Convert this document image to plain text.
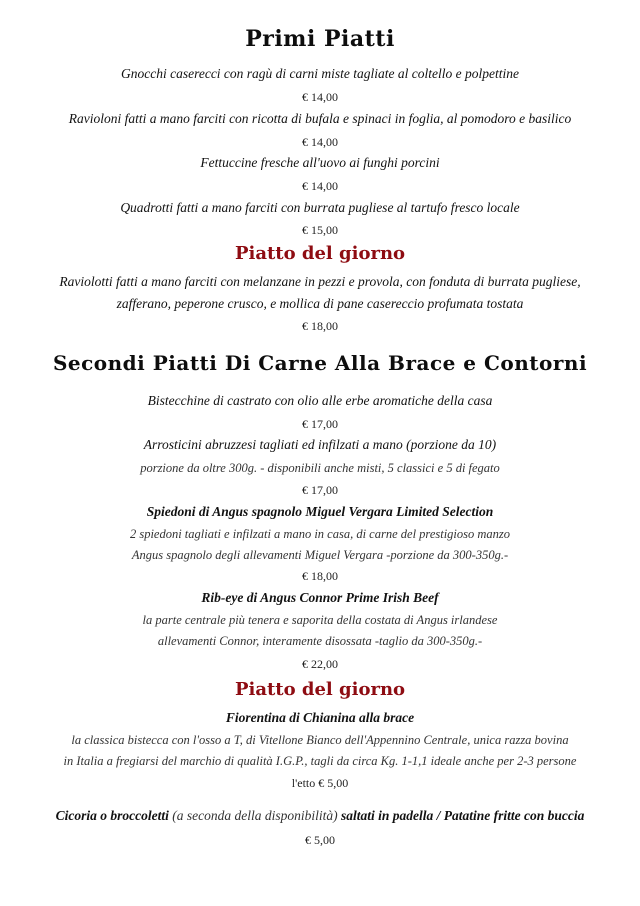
Primi Piatti
Gnocchi caserecci con ragù di carni miste tagliate al coltello e polpettine
€ 14,00
Ravioloni fatti a mano farciti con ricotta di bufala e spinaci in foglia, al pomodoro e basilico
€ 14,00
Fettuccine fresche all'uovo ai funghi porcini
€ 14,00
Quadrotti fatti a mano farciti con burrata pugliese al tartufo fresco locale
€ 15,00
Piatto del giorno
Raviolotti fatti a mano farciti con melanzane in pezzi e provola, con fonduta di burrata pugliese,
zafferano, peperone crusco, e mollica di pane casereccio profumata tostata
€ 18,00
Secondi Piatti Di Carne Alla Brace e Contorni
Bistecchine di castrato con olio alle erbe aromatiche della casa
€ 17,00
Arrosticini abruzzesi tagliati ed infilzati a mano (porzione da 10)
porzione da oltre 300g. - disponibili anche misti, 5 classici e 5 di fegato
€ 17,00
Spiedoni di Angus spagnolo Miguel Vergara Limited Selection
2 spiedoni tagliati e infilzati a mano in casa, di carne del prestigioso manzo
Angus spagnolo degli allevamenti Miguel Vergara -porzione da 300-350g.-
€ 18,00
Rib-eye di Angus Connor Prime Irish Beef
la parte centrale più tenera e saporita della costata di Angus irlandese
allevamenti Connor, interamente disossata -taglio da 300-350g.-
€ 22,00
Piatto del giorno
Fiorentina di Chianina alla brace
la classica bistecca con l'osso a T, di Vitellone Bianco dell'Appennino Centrale, unica razza bovina
in Italia a fregiarsi del marchio di qualità I.G.P., tagli da circa Kg. 1-1,1 ideale anche per 2-3 persone
l'etto € 5,00
Cicoria o broccoletti (a seconda della disponibilità) saltati in padella / Patatine fritte con buccia
€ 5,00
